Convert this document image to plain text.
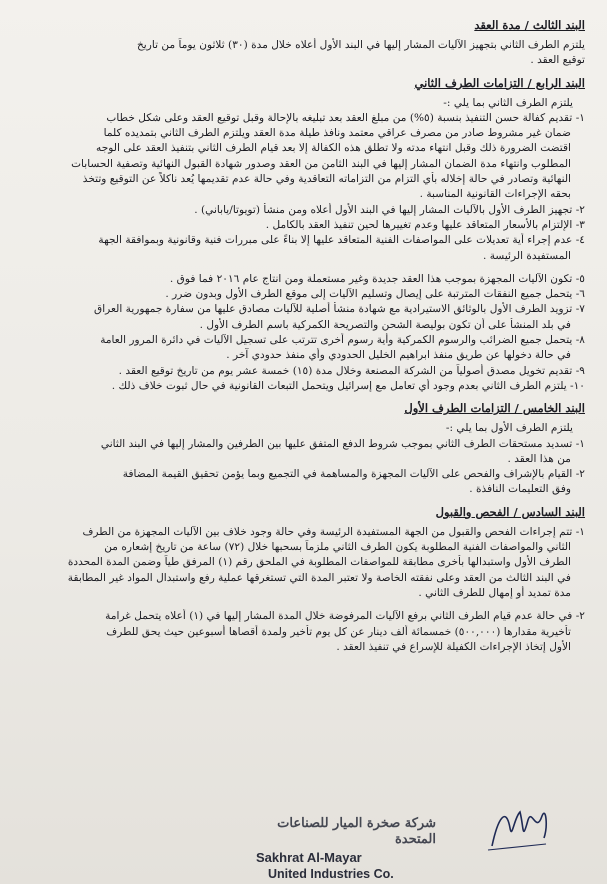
البند الثالث / مدة العقد
يلتزم الطرف الثاني بتجهيز الآليات المشار إليها في البند الأول أعلاه خلال مدة (٣٠) ثلاثون يوماً من تاريخ
توقيع العقد .
البند الرابع / التزامات الطرف الثاني
يلتزم الطرف الثاني بما يلي :-
١- تقديم كفالة حسن التنفيذ بنسبة (٥%) من مبلغ العقد بعد تبليغه بالإحالة وقبل توقيع العقد وعلى شكل خطاب
ضمان غير مشروط صادر من مصرف عراقي معتمد ونافذ طيلة مدة العقد ويلتزم الطرف الثاني بتمديده كلما
اقتضت الضرورة ذلك وقبل انتهاء مدته ولا تطلق هذه الكفالة إلا بعد قيام الطرف الثاني بتنفيذ العقد على الوجه
المطلوب وانتهاء مدة الضمان المشار إليها في البند الثامن من العقد وصدور شهادة القبول النهائية وتصفية الحسابات
النهائية وتصادر في حالة إخلاله بأي التزام من التزاماته التعاقدية وفي حالة عدم تقديمها يُعد ناكلاً عن التوقيع وتتخذ
بحقه الإجراءات القانونية المناسبة .
٢- تجهيز الطرف الأول بالآليات المشار إليها في البند الأول أعلاه ومن منشأ (تويوتا/ياباني) .
٣- الإلتزام بالأسعار المتعاقد عليها وعدم تغييرها لحين تنفيذ العقد بالكامل .
٤- عدم إجراء أية تعديلات على المواصفات الفنية المتعاقد عليها إلا بناءً على مبررات فنية وقانونية وبموافقة الجهة
المستفيدة الرئيسة .
٥- تكون الآليات المجهزة بموجب هذا العقد جديدة وغير مستعملة ومن انتاج عام ٢٠١٦ فما فوق .
٦- يتحمل جميع النفقات المترتبة على إيصال وتسليم الآليات إلى موقع الطرف الأول وبدون ضرر .
٧- تزويد الطرف الأول بالوثائق الاستيرادية مع شهادة منشأ أصلية للآليات مصادق عليها من سفارة جمهورية العراق
في بلد المنشأ على أن تكون بوليصة الشحن والتصريحة الكمركية باسم الطرف الأول .
٨- يتحمل جميع الضرائب والرسوم الكمركية وأية رسوم أخرى تترتب على تسجيل الآليات في دائرة المرور العامة
في حالة دخولها عن طريق منفذ ابراهيم الخليل الحدودي وأي منفذ حدودي آخر .
٩- تقديم تخويل مصدق أصولياً من الشركة المصنعة وخلال مدة (١٥) خمسة عشر يوم من تاريخ توقيع العقد .
١٠- يلتزم الطرف الثاني بعدم وجود أي تعامل مع إسرائيل ويتحمل التبعات القانونية في حال ثبوت خلاف ذلك .
البند الخامس / التزامات الطرف الأول
يلتزم الطرف الأول بما يلي :-
١- تسديد مستحقات الطرف الثاني بموجب شروط الدفع المتفق عليها بين الطرفين والمشار إليها في البند الثاني
من هذا العقد .
٢- القيام بالإشراف والفحص على الآليات المجهزة والمساهمة في التجميع وبما يؤمن تحقيق القيمة المضافة
وفق التعليمات النافذة .
البند السادس / الفحص والقبول
١- تتم إجراءات الفحص والقبول من الجهة المستفيدة الرئيسة وفي حالة وجود خلاف بين الآليات المجهزة من الطرف
الثاني والمواصفات الفنية المطلوبة يكون الطرف الثاني ملزماً بسحبها خلال (٧٢) ساعة من تاريخ إشعاره من
الطرف الأول واستبدالها بأخرى مطابقة للمواصفات المطلوبة في الملحق رقم (١) المرفق طياً وضمن المدة المحددة
في البند الثالث من العقد وعلى نفقته الخاصة ولا تعتبر المدة التي تستغرقها عملية رفع واستبدال المواد غير المطابقة
مدة تمديد أو إمهال للطرف الثاني .
٢- في حالة عدم قيام الطرف الثاني برفع الآليات المرفوضة خلال المدة المشار إليها في (١) أعلاه يتحمل غرامة
تأخيرية مقدارها (٥٠٠,٠٠٠) خمسمائة ألف دينار عن كل يوم تأخير ولمدة أقصاها أسبوعين حيث يحق للطرف
الأول إتخاذ الإجراءات الكفيلة للإسراع في تنفيذ العقد .
شركة صخرة الميار للصناعات المتحدة
Sakhrat Al-Mayar
United Industries Co.
